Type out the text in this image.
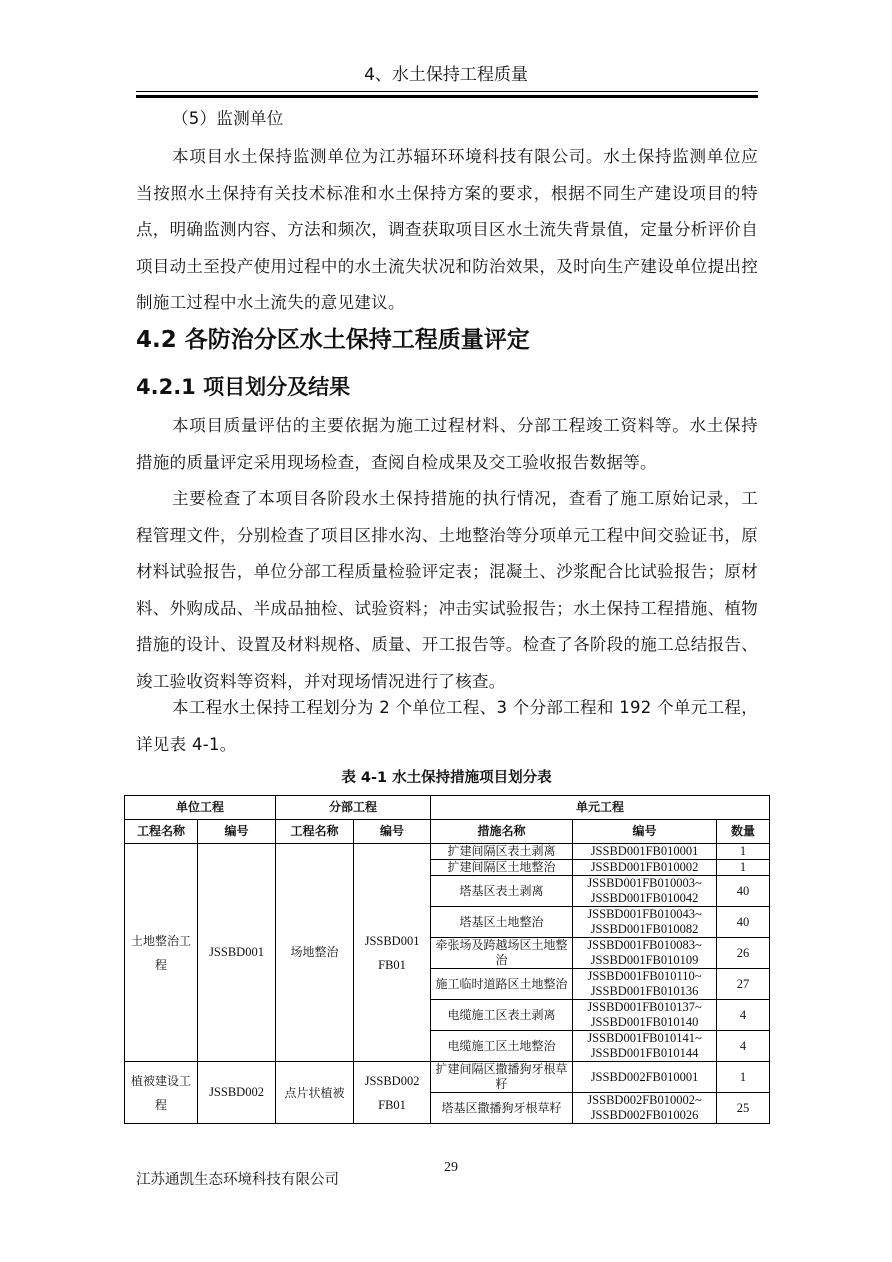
4、水土保持工程质量
（5）监测单位
本项目水土保持监测单位为江苏辐环环境科技有限公司。水土保持监测单位应当按照水土保持有关技术标准和水土保持方案的要求，根据不同生产建设项目的特点，明确监测内容、方法和频次，调查获取项目区水土流失背景值，定量分析评价自项目动土至投产使用过程中的水土流失状况和防治效果，及时向生产建设单位提出控制施工过程中水土流失的意见建议。
4.2 各防治分区水土保持工程质量评定
4.2.1 项目划分及结果
本项目质量评估的主要依据为施工过程材料、分部工程竣工资料等。水土保持措施的质量评定采用现场检查，查阅自检成果及交工验收报告数据等。
主要检查了本项目各阶段水土保持措施的执行情况，查看了施工原始记录，工程管理文件，分别检查了项目区排水沟、土地整治等分项单元工程中间交验证书，原材料试验报告，单位分部工程质量检验评定表；混凝土、沙浆配合比试验报告；原材料、外购成品、半成品抽检、试验资料；冲击实试验报告；水土保持工程措施、植物措施的设计、设置及材料规格、质量、开工报告等。检查了各阶段的施工总结报告、竣工验收资料等资料，并对现场情况进行了核查。
本工程水土保持工程划分为 2 个单位工程、3 个分部工程和 192 个单元工程，详见表 4-1。
表 4-1 水土保持措施项目划分表
单位工程		分部工程		单元工程		
工程名称	编号	工程名称	编号	措施名称	编号	数量
土地整治工程	JSSBD001	场地整治	JSSBD001 FB01	扩建间隔区表土剥离	JSSBD001FB010001	1
				扩建间隔区土地整治	JSSBD001FB010002	1
				塔基区表土剥离	JSSBD001FB010003~ JSSBD001FB010042	40
				塔基区土地整治	JSSBD001FB010043~ JSSBD001FB010082	40
				牵张场及跨越场区土地整治	JSSBD001FB010083~ JSSBD001FB010109	26
				施工临时道路区土地整治	JSSBD001FB010110~ JSSBD001FB010136	27
				电缆施工区表土剥离	JSSBD001FB010137~ JSSBD001FB010140	4
				电缆施工区土地整治	JSSBD001FB010141~ JSSBD001FB010144	4
植被建设工程	JSSBD002	点片状植被	JSSBD002 FB01	扩建间隔区撒播狗牙根草籽	JSSBD002FB010001	1
				塔基区撒播狗牙根草籽	JSSBD002FB010002~ JSSBD002FB010026	25
29
江苏通凯生态环境科技有限公司
